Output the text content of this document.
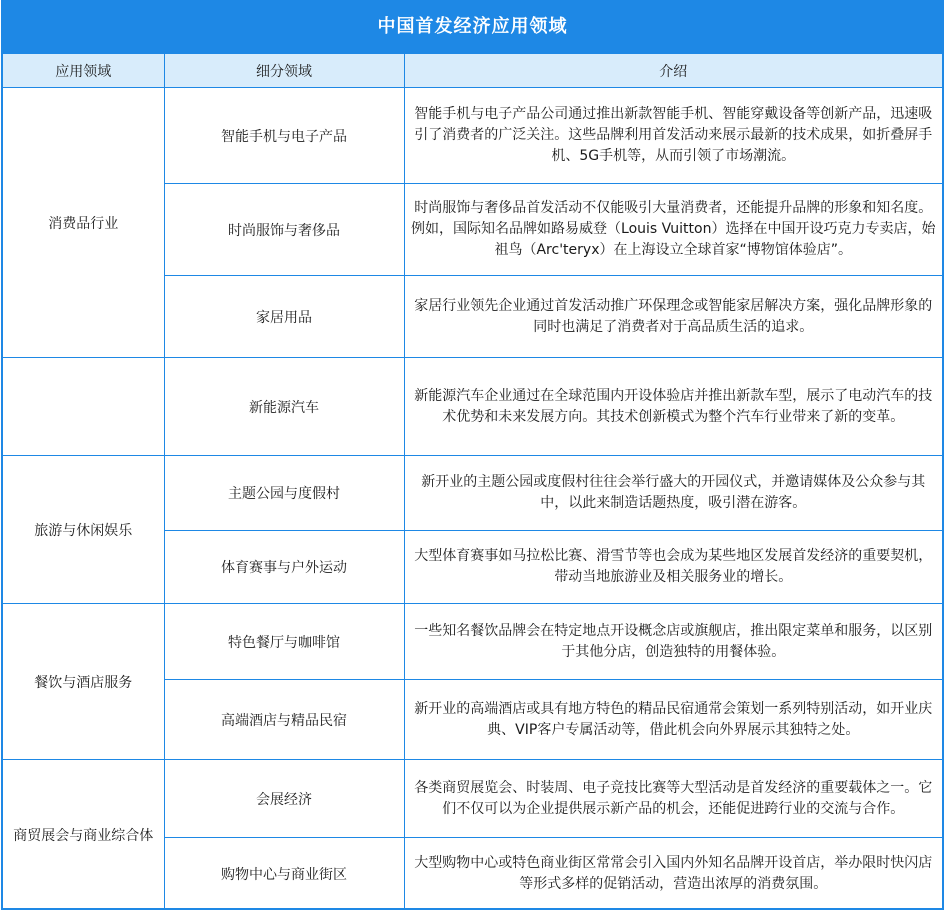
中国首发经济应用领域
应用领域	细分领域	介绍
消费品行业	智能手机与电子产品	智能手机与电子产品公司通过推出新款智能手机、智能穿戴设备等创新产品，迅速吸引了消费者的广泛关注。这些品牌利用首发活动来展示最新的技术成果，如折叠屏手机、5G手机等，从而引领了市场潮流。
	时尚服饰与奢侈品	时尚服饰与奢侈品首发活动不仅能吸引大量消费者，还能提升品牌的形象和知名度。例如，国际知名品牌如路易威登（Louis Vuitton）选择在中国开设巧克力专卖店，始祖鸟（Arc'teryx）在上海设立全球首家“博物馆体验店”。
	家居用品	家居行业领先企业通过首发活动推广环保理念或智能家居解决方案，强化品牌形象的同时也满足了消费者对于高品质生活的追求。
	新能源汽车	新能源汽车企业通过在全球范围内开设体验店并推出新款车型，展示了电动汽车的技术优势和未来发展方向。其技术创新模式为整个汽车行业带来了新的变革。
旅游与休闲娱乐	主题公园与度假村	新开业的主题公园或度假村往往会举行盛大的开园仪式，并邀请媒体及公众参与其中，以此来制造话题热度，吸引潜在游客。
	体育赛事与户外运动	大型体育赛事如马拉松比赛、滑雪节等也会成为某些地区发展首发经济的重要契机，带动当地旅游业及相关服务业的增长。
餐饮与酒店服务	特色餐厅与咖啡馆	一些知名餐饮品牌会在特定地点开设概念店或旗舰店，推出限定菜单和服务，以区别于其他分店，创造独特的用餐体验。
	高端酒店与精品民宿	新开业的高端酒店或具有地方特色的精品民宿通常会策划一系列特别活动，如开业庆典、VIP客户专属活动等，借此机会向外界展示其独特之处。
商贸展会与商业综合体	会展经济	各类商贸展览会、时装周、电子竞技比赛等大型活动是首发经济的重要载体之一。它们不仅可以为企业提供展示新产品的机会，还能促进跨行业的交流与合作。
	购物中心与商业街区	大型购物中心或特色商业街区常常会引入国内外知名品牌开设首店，举办限时快闪店等形式多样的促销活动，营造出浓厚的消费氛围。
